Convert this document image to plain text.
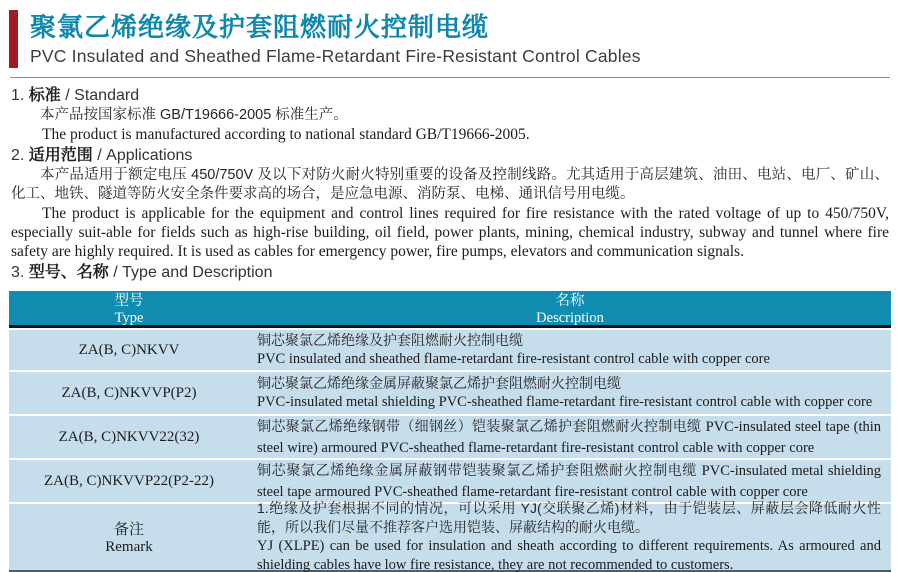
聚氯乙烯绝缘及护套阻燃耐火控制电缆
PVC Insulated and Sheathed Flame-Retardant Fire-Resistant Control Cables
1. 标准 / Standard

本产品按国家标准 GB/T19666-2005 标准生产。

The product is manufactured according to national standard GB/T19666-2005.

2. 适用范围 / Applications

本产品适用于额定电压 450/750V 及以下对防火耐火特别重要的设备及控制线路。尤其适用于高层建筑、油田、电站、电厂、矿山、化工、地铁、隧道等防火安全条件要求高的场合，是应急电源、消防泵、电梯、通讯信号用电缆。

The product is applicable for the equipment and control lines required for fire resistance with the rated voltage of up to 450/750V, especially suit-able for fields such as high-rise building, oil field, power plants, mining, chemical industry, subway and tunnel where fire safety are highly required. It is used as cables for emergency power, fire pumps, elevators and communication signals.

3. 型号、名称 / Type and Description
型号
Type
名称
Description
ZA(B, C)NKVV
铜芯聚氯乙烯绝缘及护套阻燃耐火控制电缆
PVC insulated and sheathed flame-retardant fire-resistant control cable with copper core
ZA(B, C)NKVVP(P2)
铜芯聚氯乙烯绝缘金属屏蔽聚氯乙烯护套阻燃耐火控制电缆
PVC-insulated metal shielding PVC-sheathed flame-retardant fire-resistant control cable with copper core
ZA(B, C)NKVV22(32)
铜芯聚氯乙烯绝缘钢带（细钢丝）铠装聚氯乙烯护套阻燃耐火控制电缆 PVC-insulated steel tape (thin steel wire) armoured PVC-sheathed flame-retardant fire-resistant control cable with copper core
ZA(B, C)NKVVP22(P2-22)
铜芯聚氯乙烯绝缘金属屏蔽钢带铠装聚氯乙烯护套阻燃耐火控制电缆 PVC-insulated metal shielding steel tape armoured PVC-sheathed flame-retardant fire-resistant control cable with copper core
备注
Remark
1.绝缘及护套根据不同的情况，可以采用 YJ(交联聚乙烯)材料，由于铠装层、屏蔽层会降低耐火性能，所以我们尽量不推荐客户选用铠装、屏蔽结构的耐火电缆。
YJ (XLPE) can be used for insulation and sheath according to different requirements. As armoured and shielding cables have low fire resistance, they are not recommended to customers.
